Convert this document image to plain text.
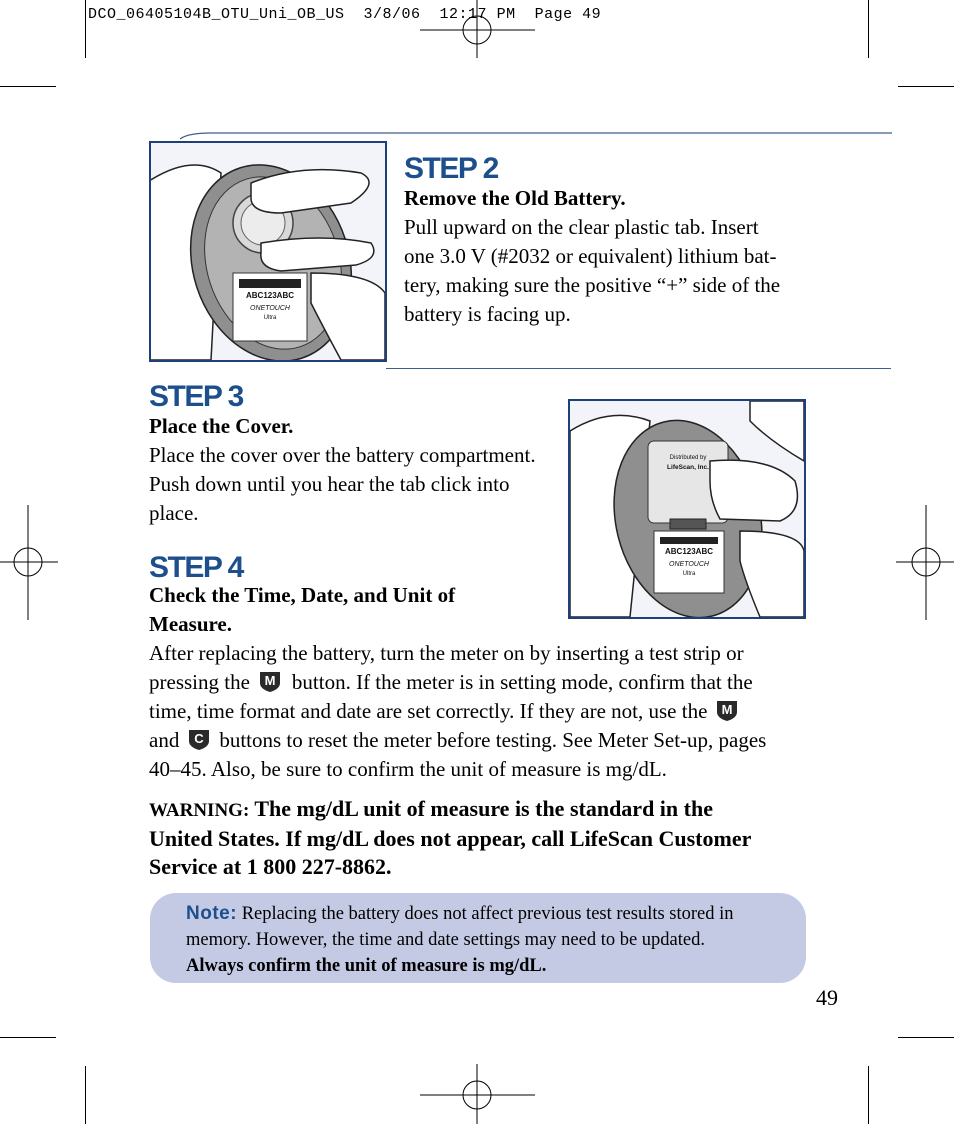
DCO_06405104B_OTU_Uni_OB_US  3/8/06  12:17 PM  Page 49
ABC123ABC
ONETOUCH
Ultra
STEP 2
Remove the Old Battery.
Pull upward on the clear plastic tab. Insert
one 3.0 V (#2032 or equivalent) lithium bat-
tery, making sure the positive “+” side of the
battery is facing up.
STEP 3
Place the Cover.
Place the cover over the battery compartment.
Push down until you hear the tab click into
place.
Distributed by
LifeScan, Inc.
ABC123ABC
ONETOUCH
Ultra
STEP 4
Check the Time, Date, and Unit of
Measure.
After replacing the battery, turn the meter on by inserting a test strip or
pressing the M button. If the meter is in setting mode, confirm that the
time, time format and date are set correctly. If they are not, use the M
and C buttons to reset the meter before testing. See Meter Set-up, pages
40–45. Also, be sure to confirm the unit of measure is mg/dL.
WARNING: The mg/dL unit of measure is the standard in the
United States. If mg/dL does not appear, call LifeScan Customer
Service at 1 800 227-8862.
Note: Replacing the battery does not affect previous test results stored in
memory. However, the time and date settings may need to be updated.
Always confirm the unit of measure is mg/dL.
49
